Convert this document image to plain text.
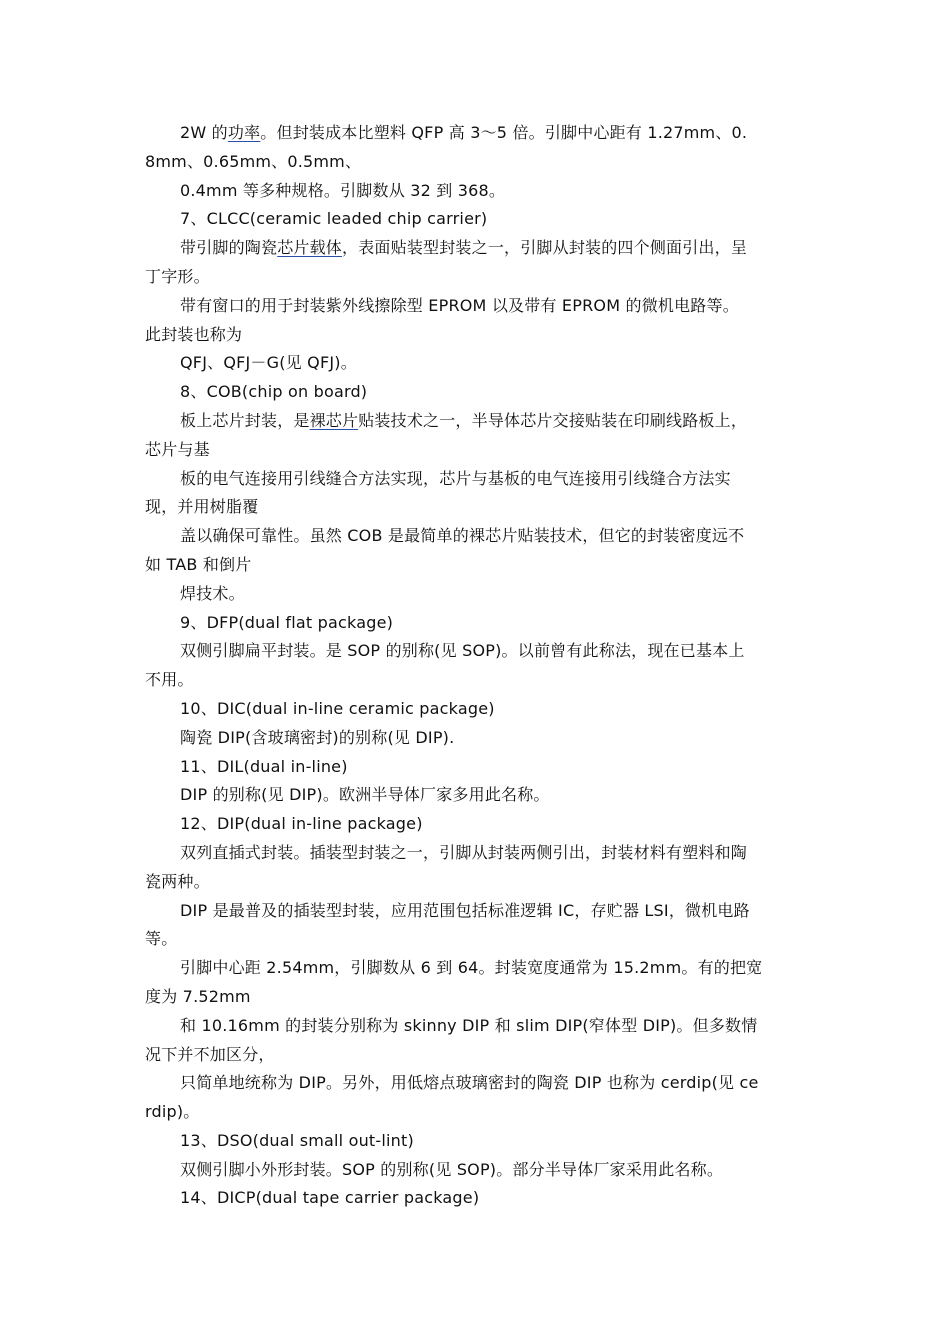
2W 的功率。但封装成本比塑料 QFP 高 3～5 倍。引脚中心距有 1.27mm、0.
8mm、0.65mm、0.5mm、
0.4mm 等多种规格。引脚数从 32 到 368。
7、CLCC(ceramic leaded chip carrier)
带引脚的陶瓷芯片载体，表面贴装型封装之一，引脚从封装的四个侧面引出，呈
丁字形。
带有窗口的用于封装紫外线擦除型 EPROM 以及带有 EPROM 的微机电路等。
此封装也称为
QFJ、QFJ－G(见 QFJ)。
8、COB(chip on board)
板上芯片封装，是裸芯片贴装技术之一，半导体芯片交接贴装在印刷线路板上，
芯片与基
板的电气连接用引线缝合方法实现，芯片与基板的电气连接用引线缝合方法实
现，并用树脂覆
盖以确保可靠性。虽然 COB 是最简单的裸芯片贴装技术，但它的封装密度远不
如 TAB 和倒片
焊技术。
9、DFP(dual flat package)
双侧引脚扁平封装。是 SOP 的别称(见 SOP)。以前曾有此称法，现在已基本上
不用。
10、DIC(dual in-line ceramic package)
陶瓷 DIP(含玻璃密封)的别称(见 DIP).
11、DIL(dual in-line)
DIP 的别称(见 DIP)。欧洲半导体厂家多用此名称。
12、DIP(dual in-line package)
双列直插式封装。插装型封装之一，引脚从封装两侧引出，封装材料有塑料和陶
瓷两种。
DIP 是最普及的插装型封装，应用范围包括标准逻辑 IC，存贮器 LSI，微机电路
等。
引脚中心距 2.54mm，引脚数从 6 到 64。封装宽度通常为 15.2mm。有的把宽
度为 7.52mm
和 10.16mm 的封装分别称为 skinny DIP 和 slim DIP(窄体型 DIP)。但多数情
况下并不加区分，
只简单地统称为 DIP。另外，用低熔点玻璃密封的陶瓷 DIP 也称为 cerdip(见 ce
rdip)。
13、DSO(dual small out-lint)
双侧引脚小外形封装。SOP 的别称(见 SOP)。部分半导体厂家采用此名称。
14、DICP(dual tape carrier package)
